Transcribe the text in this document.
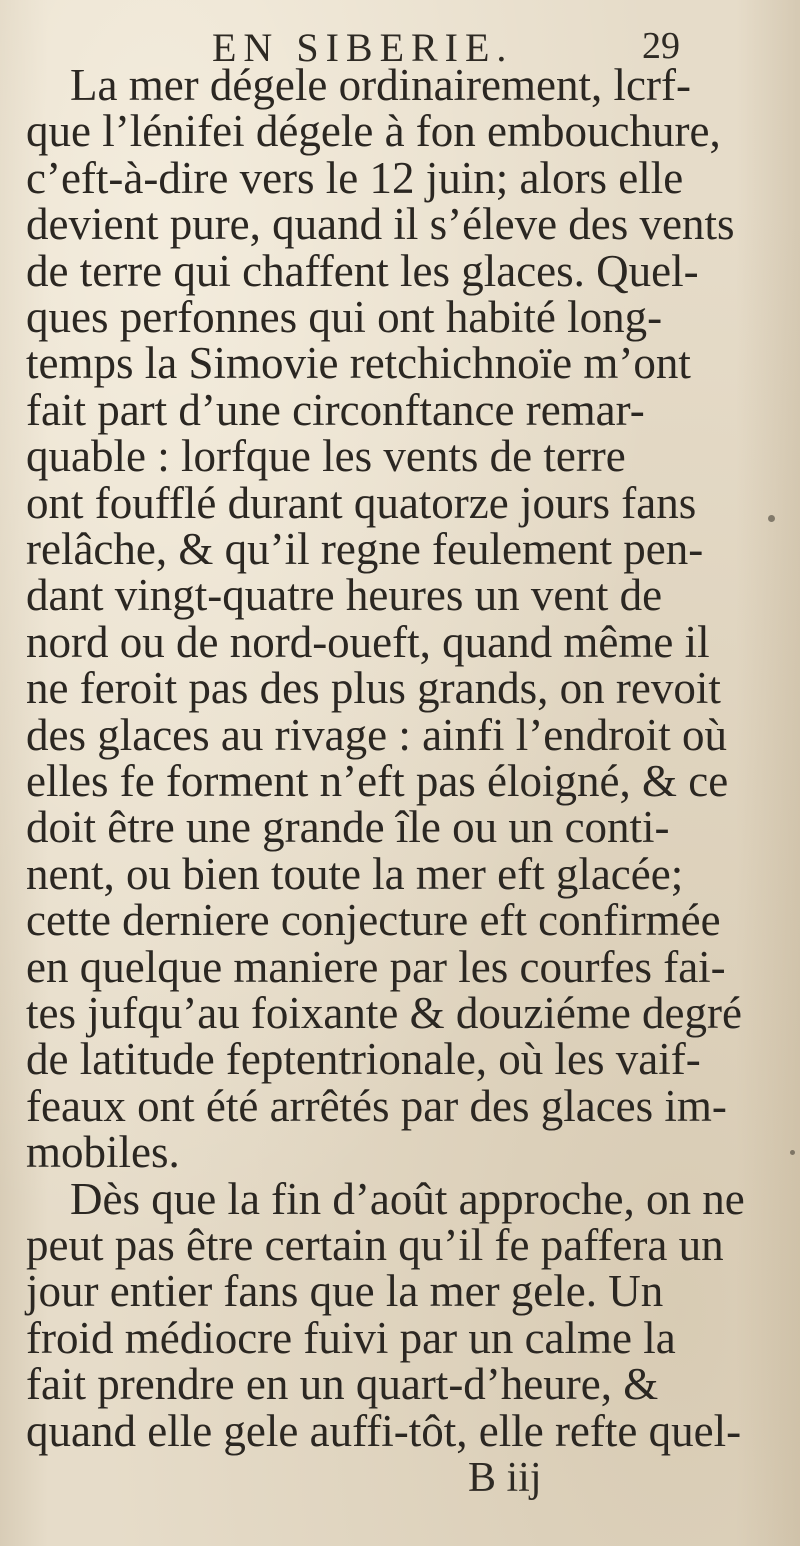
EN SIBERIE.	29
La mer dégele ordinairement, lcrf-
que l’lénifei dégele à fon embouchure,
c’eft-à-dire vers le 12 juin; alors elle
devient pure, quand il s’éleve des vents
de terre qui chaffent les glaces. Quel-
ques perfonnes qui ont habité long-
temps la Simovie retchichnoïe m’ont
fait part d’une circonftance remar-
quable : lorfque les vents de terre
ont foufflé durant quatorze jours fans
relâche, & qu’il regne feulement pen-
dant vingt-quatre heures un vent de
nord ou de nord-oueft, quand même il
ne feroit pas des plus grands, on revoit
des glaces au rivage : ainfi l’endroit où
elles fe forment n’eft pas éloigné, & ce
doit être une grande île ou un conti-
nent, ou bien toute la mer eft glacée;
cette derniere conjecture eft confirmée
en quelque maniere par les courfes fai-
tes jufqu’au foixante & douziéme degré
de latitude feptentrionale, où les vaif-
feaux ont été arrêtés par des glaces im-
mobiles.
Dès que la fin d’août approche, on ne
peut pas être certain qu’il fe paffera un
jour entier fans que la mer gele. Un
froid médiocre fuivi par un calme la
fait prendre en un quart-d’heure, &
quand elle gele auffi-tôt, elle refte quel-
B iij
